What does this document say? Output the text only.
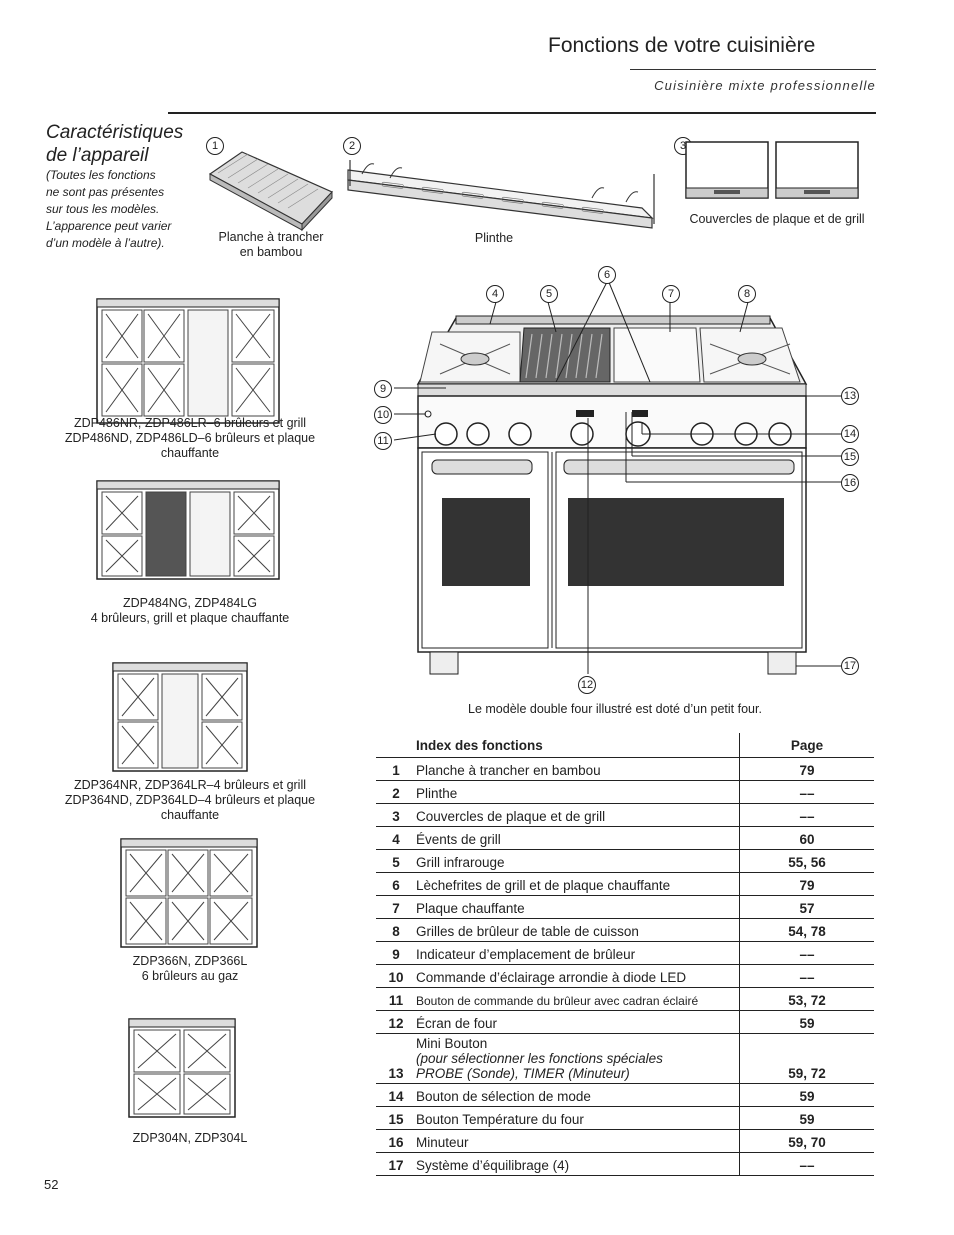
Fonctions de votre cuisinière
Cuisinière mixte professionnelle
Caractéristiques
de l’appareil
(Toutes les fonctions
ne sont pas présentes
sur tous les modèles.
L’apparence peut varier
d’un modèle à l’autre).
1
Planche à trancher
en bambou
2
Plinthe
3
Couvercles de plaque et de grill
ZDP486NR, ZDP486LR–6 brûleurs et grill
ZDP486ND, ZDP486LD–6 brûleurs et plaque chauffante
ZDP484NG, ZDP484LG
4 brûleurs, grill et plaque chauffante
ZDP364NR, ZDP364LR–4 brûleurs et grill
ZDP364ND, ZDP364LD–4 brûleurs et plaque chauffante
ZDP366N, ZDP366L
6 brûleurs au gaz
ZDP304N, ZDP304L
4	5
6
7	8
9
10
11
12
13
14
15
16
17
Le modèle double four illustré est doté d’un petit four.
	Index des fonctions	Page
1	Planche à trancher en bambou	79
2	Plinthe	––
3	Couvercles de plaque et de grill	––
4	Évents de grill	60
5	Grill infrarouge	55, 56
6	Lèchefrites de grill et de plaque chauffante	79
7	Plaque chauffante	57
8	Grilles de brûleur de table de cuisson	54, 78
9	Indicateur d’emplacement de brûleur	––
10	Commande d’éclairage arrondie à diode LED	––
11	Bouton de commande du brûleur avec cadran éclairé	53, 72
12	Écran de four	59
13	Mini Bouton
(pour sélectionner les fonctions spéciales
PROBE (Sonde), TIMER (Minuteur)	59, 72
14	Bouton de sélection de mode	59
15	Bouton Température du four	59
16	Minuteur	59, 70
17	Système d’équilibrage (4)	––
52
